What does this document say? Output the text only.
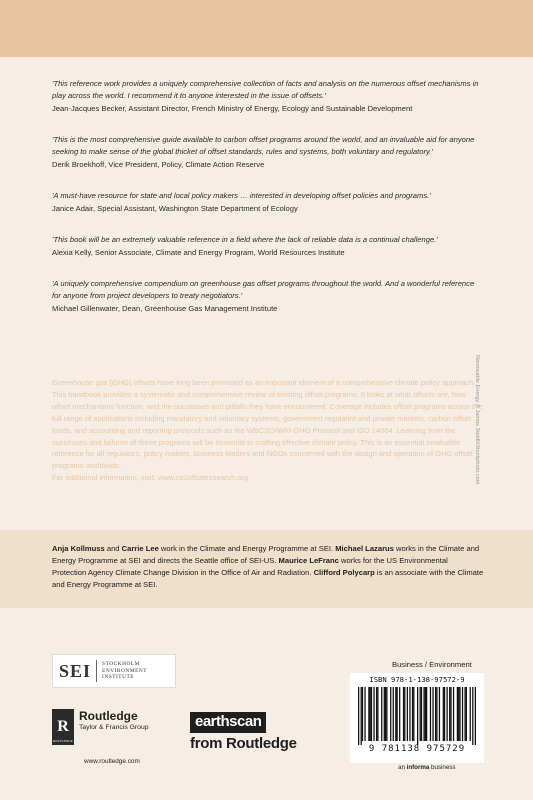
'This reference work provides a uniquely comprehensive collection of facts and analysis on the numerous offset mechanisms in play across the world. I recommend it to anyone interested in the issue of offsets.'
Jean-Jacques Becker, Assistant Director, French Ministry of Energy, Ecology and Sustainable Development
'This is the most comprehensive guide available to carbon offset programs around the world, and an invaluable aid for anyone seeking to make sense of the global thicket of offset standards, rules and systems, both voluntary and regulatory.'
Derik Broekhoff, Vice President, Policy, Climate Action Reserve
'A must-have resource for state and local policy makers … interested in developing offset policies and programs.'
Janice Adair, Special Assistant, Washington State Department of Ecology
'This book will be an extremely valuable reference in a field where the lack of reliable data is a continual challenge.'
Alexia Kelly, Senior Associate, Climate and Energy Program, World Resources Institute
'A uniquely comprehensive compendium on greenhouse gas offset programs throughout the world. And a wonderful reference for anyone from project developers to treaty negotiators.'
Michael Gillenwater, Dean, Greenhouse Gas Management Institute

Greenhouse gas (GHG) offsets have long been promoted as an important element of a comprehensive climate policy approach. This handbook provides a systematic and comprehensive review of existing offset programs. It looks at what offsets are, how offset mechanisms function, and the successes and pitfalls they have encountered. Coverage includes offset programs across the full range of applications including mandatory and voluntary systems, government regulated and private markets, carbon offset funds, and accounting and reporting protocols such as the WBCSD/WRI GHG Protocol and ISO 14064. Learning from the successes and failures of these programs will be essential to crafting effective climate policy. This is an essential invaluable reference for all regulators, policy makers, business leaders and NGOs concerned with the design and operation of GHG offset programs worldwide.

For additional information, visit: www.co2offsetresearch.org	Renewable Energy © James Steidl/iStockphoto.com
Anja Kollmuss and Carrie Lee work in the Climate and Energy Programme at SEI. Michael Lazarus works in the Climate and Energy Programme at SEI and directs the Seattle office of SEI-US. Maurice LeFranc works for the US Environmental Protection Agency Climate Change Division in the Office of Air and Radiation. Clifford Polycarp is an associate with the Climate and Energy Programme at SEI.
SEI STOCKHOLM
ENVIRONMENT
INSTITUTE
R
ROUTLEDGE
Routledge
Taylor & Francis Group
www.routledge.com
earthscan
from Routledge
Business / Environment
ISBN 978-1-138-97572-9
9 781138 975729
an informa business
